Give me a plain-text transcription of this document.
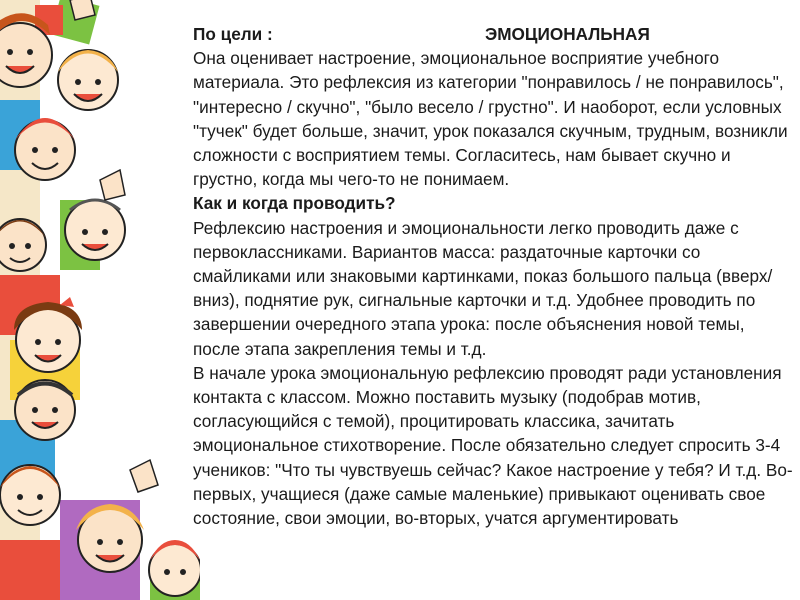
По цели :	ЭМОЦИОНАЛЬНАЯ

Она оценивает настроение, эмоциональное восприятие учебного материала. Это рефлексия из категории "понравилось / не понравилось", "интересно / скучно", "было весело / грустно". И наоборот, если условных "тучек" будет больше, значит, урок показался скучным, трудным, возникли сложности с восприятием темы. Согласитесь, нам бывает скучно и грустно, когда мы чего-то не понимаем.

Как и когда проводить?

Рефлексию настроения и эмоциональности легко проводить даже с первоклассниками. Вариантов масса: раздаточные карточки со смайликами или знаковыми картинками, показ большого пальца (вверх/вниз), поднятие рук, сигнальные карточки и т.д. Удобнее проводить по завершении очередного этапа урока: после объяснения новой темы, после этапа закрепления темы и т.д.

В начале урока эмоциональную рефлексию проводят ради установления контакта с классом. Можно поставить музыку (подобрав мотив, согласующийся с темой), процитировать классика, зачитать эмоциональное стихотворение. После обязательно следует спросить 3-4 учеников: "Что ты чувствуешь сейчас? Какое настроение у тебя? И т.д. Во-первых, учащиеся (даже самые маленькие) привыкают оценивать свое состояние, свои эмоции, во-вторых, учатся аргументировать
